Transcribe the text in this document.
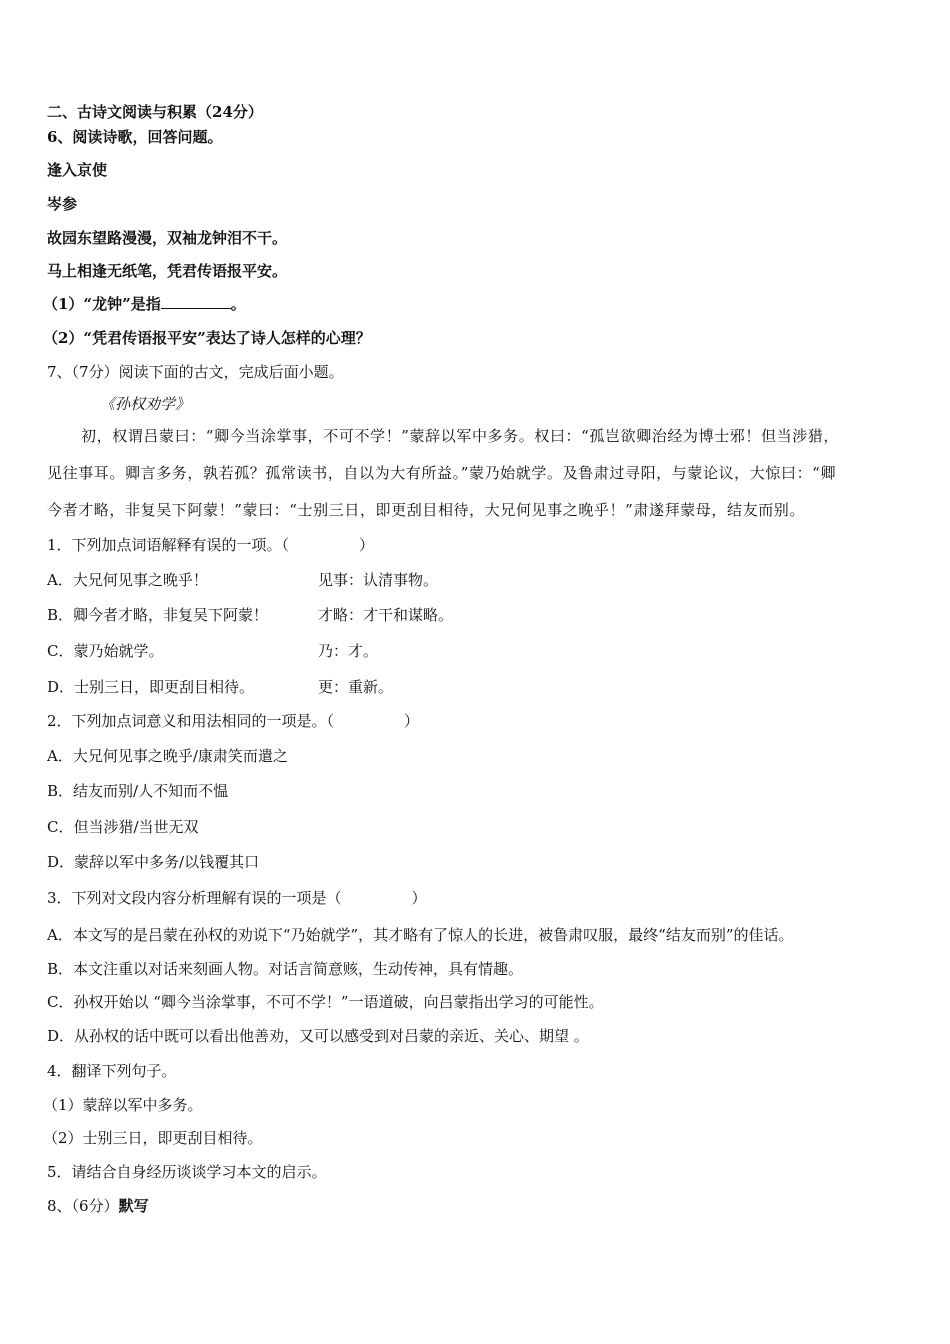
二、古诗文阅读与积累（24分）
6、阅读诗歌，回答问题。
逢入京使
岑参
故园东望路漫漫，双袖龙钟泪不干。
马上相逢无纸笔，凭君传语报平安。
（1）“龙钟”是指	。
（2）“凭君传语报平安”表达了诗人怎样的心理？
7、（7分）阅读下面的古文，完成后面小题。
《孙权劝学》
初，权谓吕蒙曰：“卿今当涂掌事，不可不学！”蒙辞以军中多务。权曰：“孤岂欲卿治经为博士邪！但当涉猎，
见往事耳。卿言多务，孰若孤？孤常读书，自以为大有所益。”蒙乃始就学。及鲁肃过寻阳，与蒙论议，大惊曰：“卿
今者才略，非复吴下阿蒙！”蒙曰：“士别三日，即更刮目相待，大兄何见事之晚乎！”肃遂拜蒙母，结友而别。
1．下列加点词语解释有误的一项。（	）
A．大兄何见事之晚乎！	见事：认清事物。
B．卿今者才略，非复吴下阿蒙！	才略：才干和谋略。
C．蒙乃始就学。	乃：才。
D．士别三日，即更刮目相待。	更：重新。
2．下列加点词意义和用法相同的一项是。（	）
A．大兄何见事之晚乎/康肃笑而遣之
B．结友而别/人不知而不愠
C．但当涉猎/当世无双
D．蒙辞以军中多务/以钱覆其口
3．下列对文段内容分析理解有误的一项是（	）
A．本文写的是吕蒙在孙权的劝说下“乃始就学”，其才略有了惊人的长进，被鲁肃叹服，最终“结友而别”的佳话。
B．本文注重以对话来刻画人物。对话言简意赅，生动传神，具有情趣。
C．孙权开始以 “卿今当涂掌事，不可不学！”一语道破，向吕蒙指出学习的可能性。
D．从孙权的话中既可以看出他善劝，又可以感受到对吕蒙的亲近、关心、期望 。
4．翻译下列句子。
（1）蒙辞以军中多务。
（2）士别三日，即更刮目相待。
5．请结合自身经历谈谈学习本文的启示。
8、（6分）默写
